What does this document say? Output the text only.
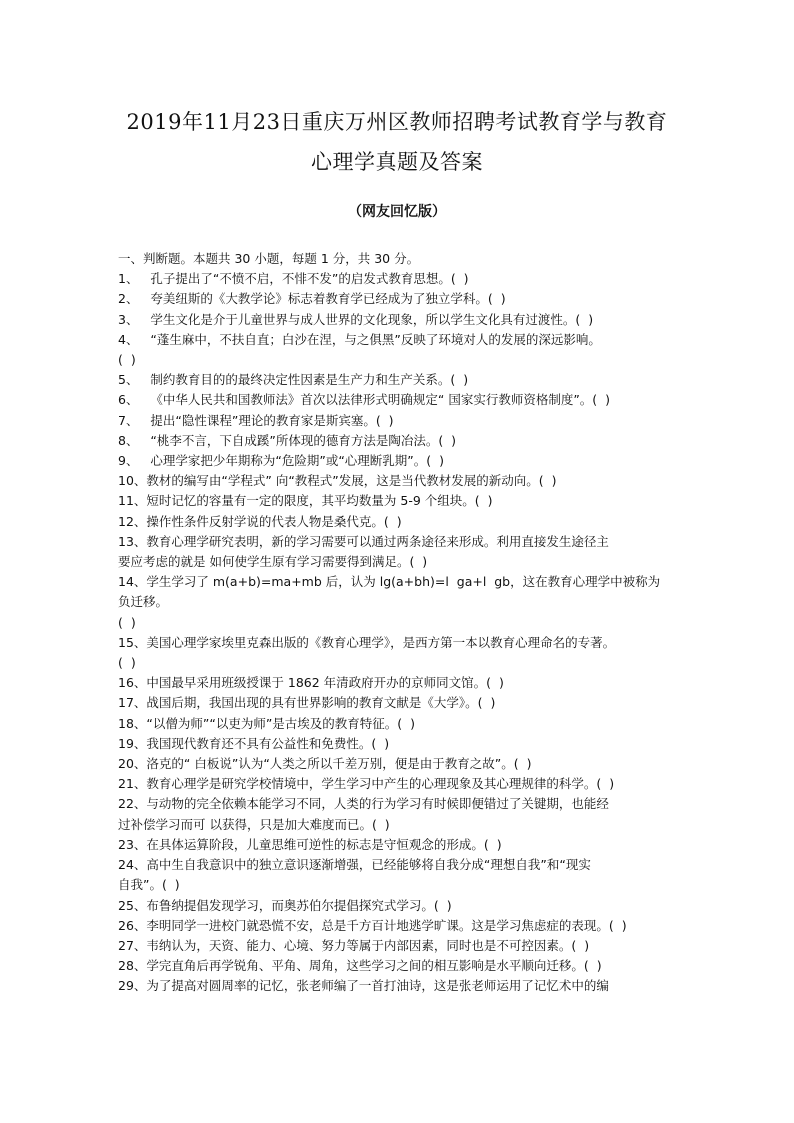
2019年11月23日重庆万州区教师招聘考试教育学与教育
心理学真题及答案
（网友回忆版）
一、判断题。本题共 30 小题，每题 1 分，共 30 分。
1、   孔子提出了“不愤不启，不悱不发”的启发式教育思想。(  )
2、   夸美纽斯的《大教学论》标志着教育学已经成为了独立学科。(  )
3、   学生文化是介于儿童世界与成人世界的文化现象，所以学生文化具有过渡性。(  )
4、   “蓬生麻中，不扶自直；白沙在涅，与之俱黑”反映了环境对人的发展的深远影响。
(  )
5、   制约教育目的的最终决定性因素是生产力和生产关系。(  )
6、   《中华人民共和国教师法》首次以法律形式明确规定“ 国家实行教师资格制度”。(  )
7、   提出“隐性课程”理论的教育家是斯宾塞。(  )
8、   “桃李不言，下自成蹊”所体现的德育方法是陶冶法。(  )
9、   心理学家把少年期称为“危险期”或“心理断乳期”。(  )
10、教材的编写由“学程式” 向“教程式”发展，这是当代教材发展的新动向。(  )
11、短时记忆的容量有一定的限度，其平均数量为 5-9 个组块。(  )
12、操作性条件反射学说的代表人物是桑代克。(  )
13、教育心理学研究表明，新的学习需要可以通过两条途径来形成。利用直接发生途径主
要应考虑的就是 如何使学生原有学习需要得到满足。(  )
14、学生学习了 m(a+b)=ma+mb 后，认为 lg(a+bh)=l  ga+l  gb，这在教育心理学中被称为
负迁移。
(  )
15、美国心理学家埃里克森出版的《教育心理学》，是西方第一本以教育心理命名的专著。
(  )
16、中国最早采用班级授课于 1862 年清政府开办的京师同文馆。(  )
17、战国后期，我国出现的具有世界影响的教育文献是《大学》。(  )
18、“以僧为师”“以吏为师”是古埃及的教育特征。(  )
19、我国现代教育还不具有公益性和免费性。(  )
20、洛克的“ 白板说”认为“人类之所以千差万别，便是由于教育之故”。(  )
21、教育心理学是研究学校情境中，学生学习中产生的心理现象及其心理规律的科学。(  )
22、与动物的完全依赖本能学习不同，人类的行为学习有时候即便错过了关键期，也能经
过补偿学习而可 以获得，只是加大难度而已。(  )
23、在具体运算阶段，儿童思维可逆性的标志是守恒观念的形成。(  )
24、高中生自我意识中的独立意识逐渐增强，已经能够将自我分成“理想自我”和“现实
自我”。(  )
25、布鲁纳提倡发现学习，而奥苏伯尔提倡探究式学习。(  )
26、李明同学一进校门就恐慌不安，总是千方百计地逃学旷课。这是学习焦虑症的表现。(  )
27、韦纳认为，天资、能力、心境、努力等属于内部因素，同时也是不可控因素。(  )
28、学完直角后再学锐角、平角、周角，这些学习之间的相互影响是水平顺向迁移。(  )
29、为了提高对圆周率的记忆，张老师编了一首打油诗，这是张老师运用了记忆术中的编
